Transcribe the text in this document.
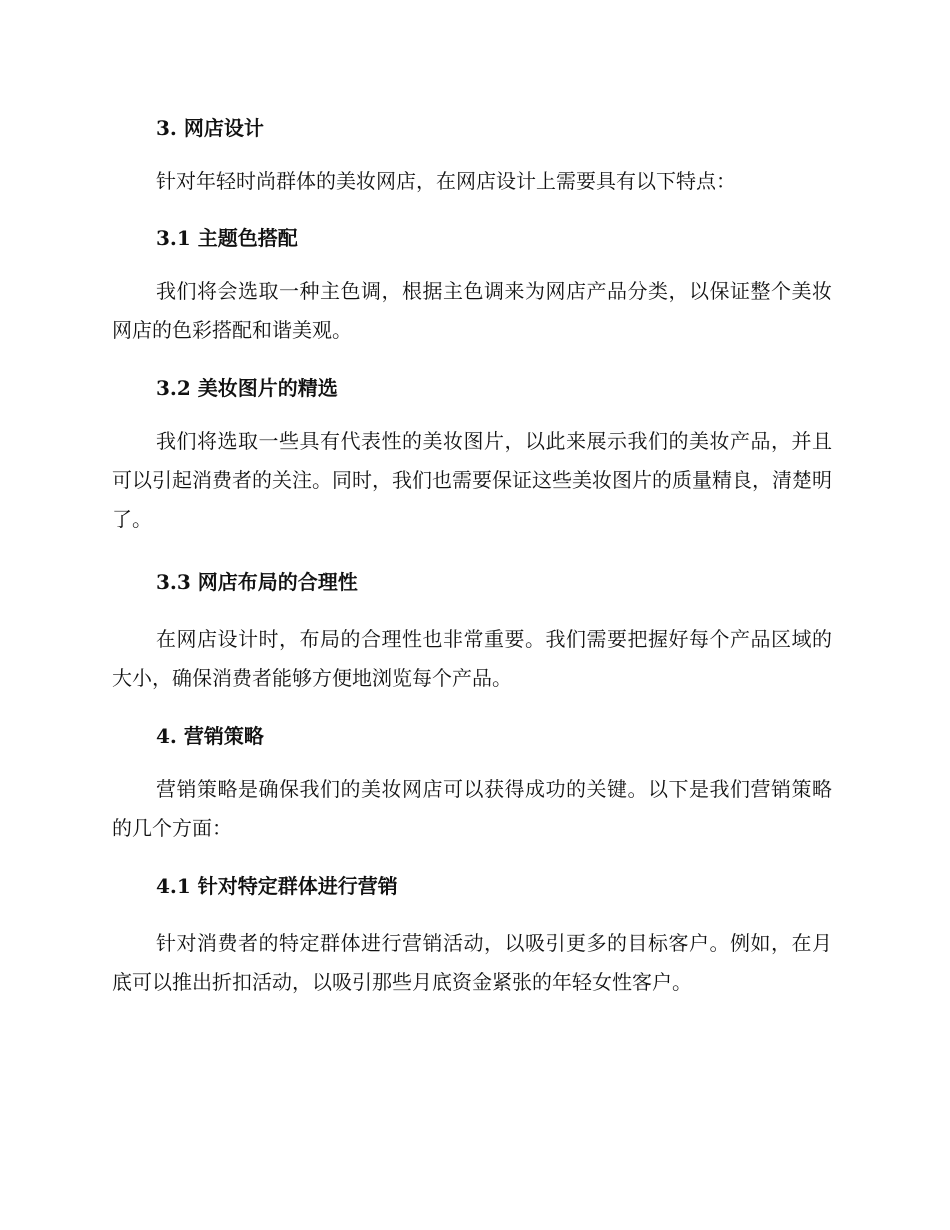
3. 网店设计

针对年轻时尚群体的美妆网店，在网店设计上需要具有以下特点：

3.1 主题色搭配

我们将会选取一种主色调，根据主色调来为网店产品分类，以保证整个美妆网店的色彩搭配和谐美观。

3.2 美妆图片的精选

我们将选取一些具有代表性的美妆图片，以此来展示我们的美妆产品，并且可以引起消费者的关注。同时，我们也需要保证这些美妆图片的质量精良，清楚明了。

3.3 网店布局的合理性

在网店设计时，布局的合理性也非常重要。我们需要把握好每个产品区域的大小，确保消费者能够方便地浏览每个产品。

4. 营销策略

营销策略是确保我们的美妆网店可以获得成功的关键。以下是我们营销策略的几个方面：

4.1 针对特定群体进行营销

针对消费者的特定群体进行营销活动，以吸引更多的目标客户。例如，在月底可以推出折扣活动，以吸引那些月底资金紧张的年轻女性客户。
